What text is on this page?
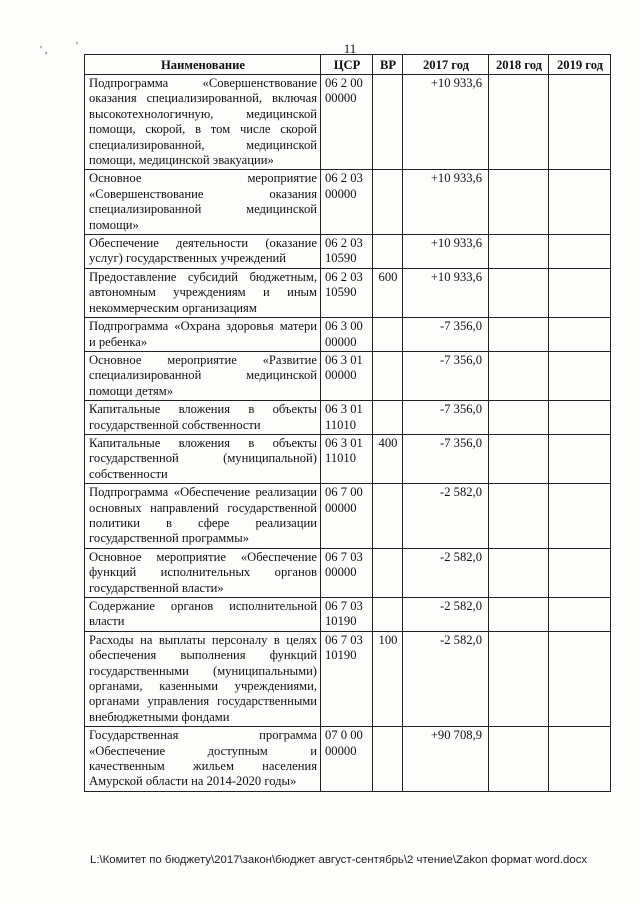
' ,	'	11
Наименование	ЦСР	ВР	2017 год	2018 год	2019 год
Подпрограмма «Совершенствование оказания специализированной, включая высокотехнологичную, медицинской помощи, скорой, в том числе скорой специализированной, медицинской помощи, медицинской эвакуации»	06 2 00 00000		+10 933,6		
Основное мероприятие «Совершенствование оказания специализированной медицинской помощи»	06 2 03 00000		+10 933,6		
Обеспечение деятельности (оказание услуг) государственных учреждений	06 2 03 10590		+10 933,6		
Предоставление субсидий бюджетным, автономным учреждениям и иным некоммерческим организациям	06 2 03 10590	600	+10 933,6		
Подпрограмма «Охрана здоровья матери и ребенка»	06 3 00 00000		-7 356,0		
Основное мероприятие «Развитие специализированной медицинской помощи детям»	06 3 01 00000		-7 356,0		
Капитальные вложения в объекты государственной собственности	06 3 01 11010		-7 356,0		
Капитальные вложения в объекты государственной (муниципальной) собственности	06 3 01 11010	400	-7 356,0		
Подпрограмма «Обеспечение реализации основных направлений государственной политики в сфере реализации государственной программы»	06 7 00 00000		-2 582,0		
Основное мероприятие «Обеспечение функций исполнительных органов государственной власти»	06 7 03 00000		-2 582,0		
Содержание органов исполнительной власти	06 7 03 10190		-2 582,0		
Расходы на выплаты персоналу в целях обеспечения выполнения функций государственными (муниципальными) органами, казенными учреждениями, органами управления государственными внебюджетными фондами	06 7 03 10190	100	-2 582,0		
Государственная программа «Обеспечение доступным и качественным жильем населения Амурской области на 2014-2020 годы»	07 0 00 00000		+90 708,9		
L:\Комитет по бюджету\2017\закон\бюджет август-сентябрь\2 чтение\Zakon формат word.docx
